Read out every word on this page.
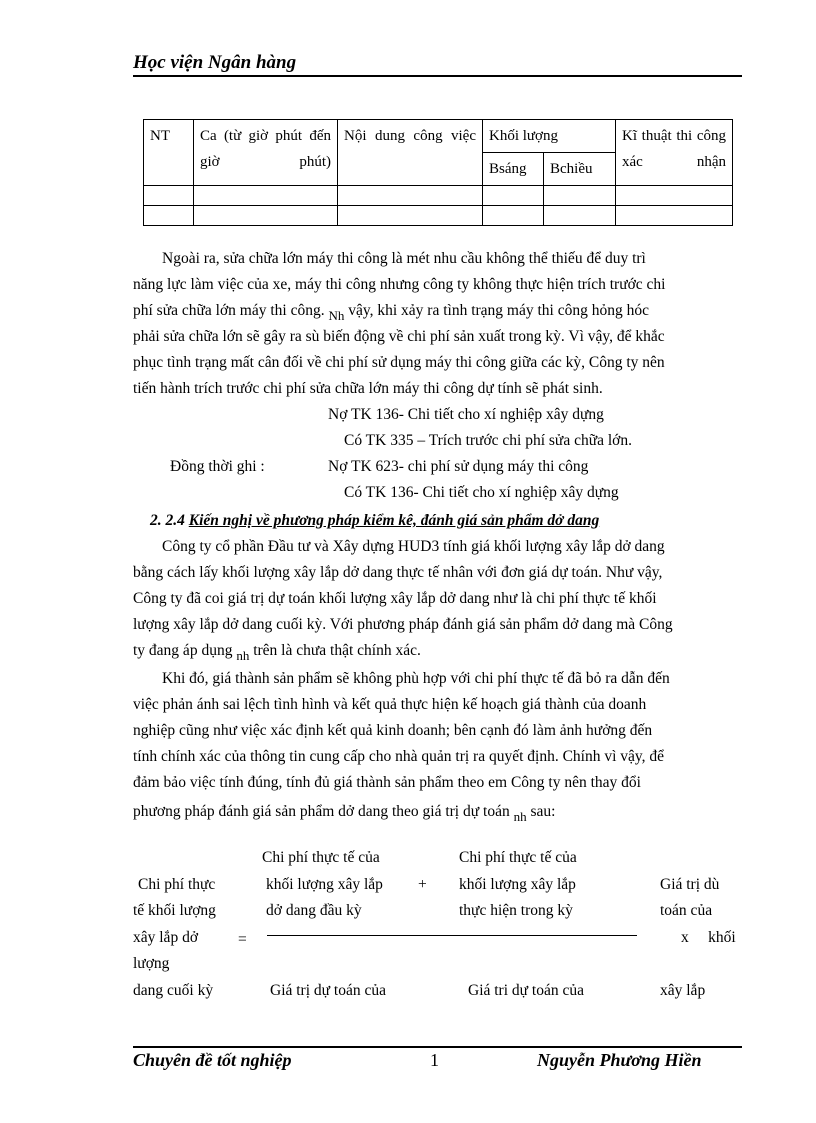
Học viện Ngân hàng
NT	Ca (từ giờ phút đến giờ phút)	Nội dung công việc	Khối lượng		Kĩ thuật thi công xác nhận
			Bsáng	Bchiều	

Ngoài ra, sửa chữa lớn máy thi công là mét nhu cầu không thể thiếu để duy trì
năng lực làm việc của xe, máy thi công nhưng công ty không thực hiện trích trước chi
phí sửa chữa lớn máy thi công. $_{Nh}$ vậy, khi xảy ra tình trạng máy thi công hỏng hóc
phải sửa chữa lớn sẽ gây ra sù biến động về chi phí sản xuất trong kỳ. Vì vậy, để khắc
phục tình trạng mất cân đối về chi phí sử dụng máy thi công giữa các kỳ, Công ty nên
tiến hành trích trước chi phí sửa chữa lớn máy thi công dự tính sẽ phát sinh.
Nợ TK 136- Chi tiết cho xí nghiệp xây dựng
Có TK 335 – Trích trước chi phí sửa chữa lớn.
Đồng thời ghi :	Nợ TK 623- chi phí sử dụng máy thi công
Có TK 136- Chi tiết cho xí nghiệp xây dựng
2. 2.4 Kiến nghị về phương pháp kiểm kê, đánh giá sản phẩm dở dang
Công ty cổ phần Đầu tư và Xây dựng HUD3 tính giá khối lượng xây lắp dở dang
bằng cách lấy khối lượng xây lắp dở dang thực tế nhân với đơn giá dự toán. Như vậy,
Công ty đã coi giá trị dự toán khối lượng xây lắp dở dang như là chi phí thực tế khối
lượng xây lắp dở dang cuối kỳ. Với phương pháp đánh giá sản phẩm dở dang mà Công
ty đang áp dụng $_{nh}$ trên là chưa thật chính xác.
Khi đó, giá thành sản phẩm sẽ không phù hợp với chi phí thực tế đã bỏ ra dẫn đến
việc phản ánh sai lệch tình hình và kết quả thực hiện kế hoạch giá thành của doanh
nghiệp cũng như việc xác định kết quả kinh doanh; bên cạnh đó làm ảnh hưởng đến
tính chính xác của thông tin cung cấp cho nhà quản trị ra quyết định. Chính vì vậy, để
đảm bảo việc tính đúng, tính đủ giá thành sản phẩm theo em Công ty nên thay đổi
phương pháp đánh giá sản phẩm dở dang theo giá trị dự toán $_{nh}$ sau:
Chi phí thực tế của	Chi phí thực tế của
Chi phí thực	khối lượng xây lắp + khối lượng xây lắp	Giá trị dù
tế khối lượng	dở dang đầu kỳ	thực hiện trong kỳ	toán của
xây lắp dở	=	x     khối
lượng
dang cuối kỳ	Giá trị dự toán của	Giá tri dự toán của	xây lắp
Chuyên đề tốt nghiệp	1	Nguyễn Phương Hiền
